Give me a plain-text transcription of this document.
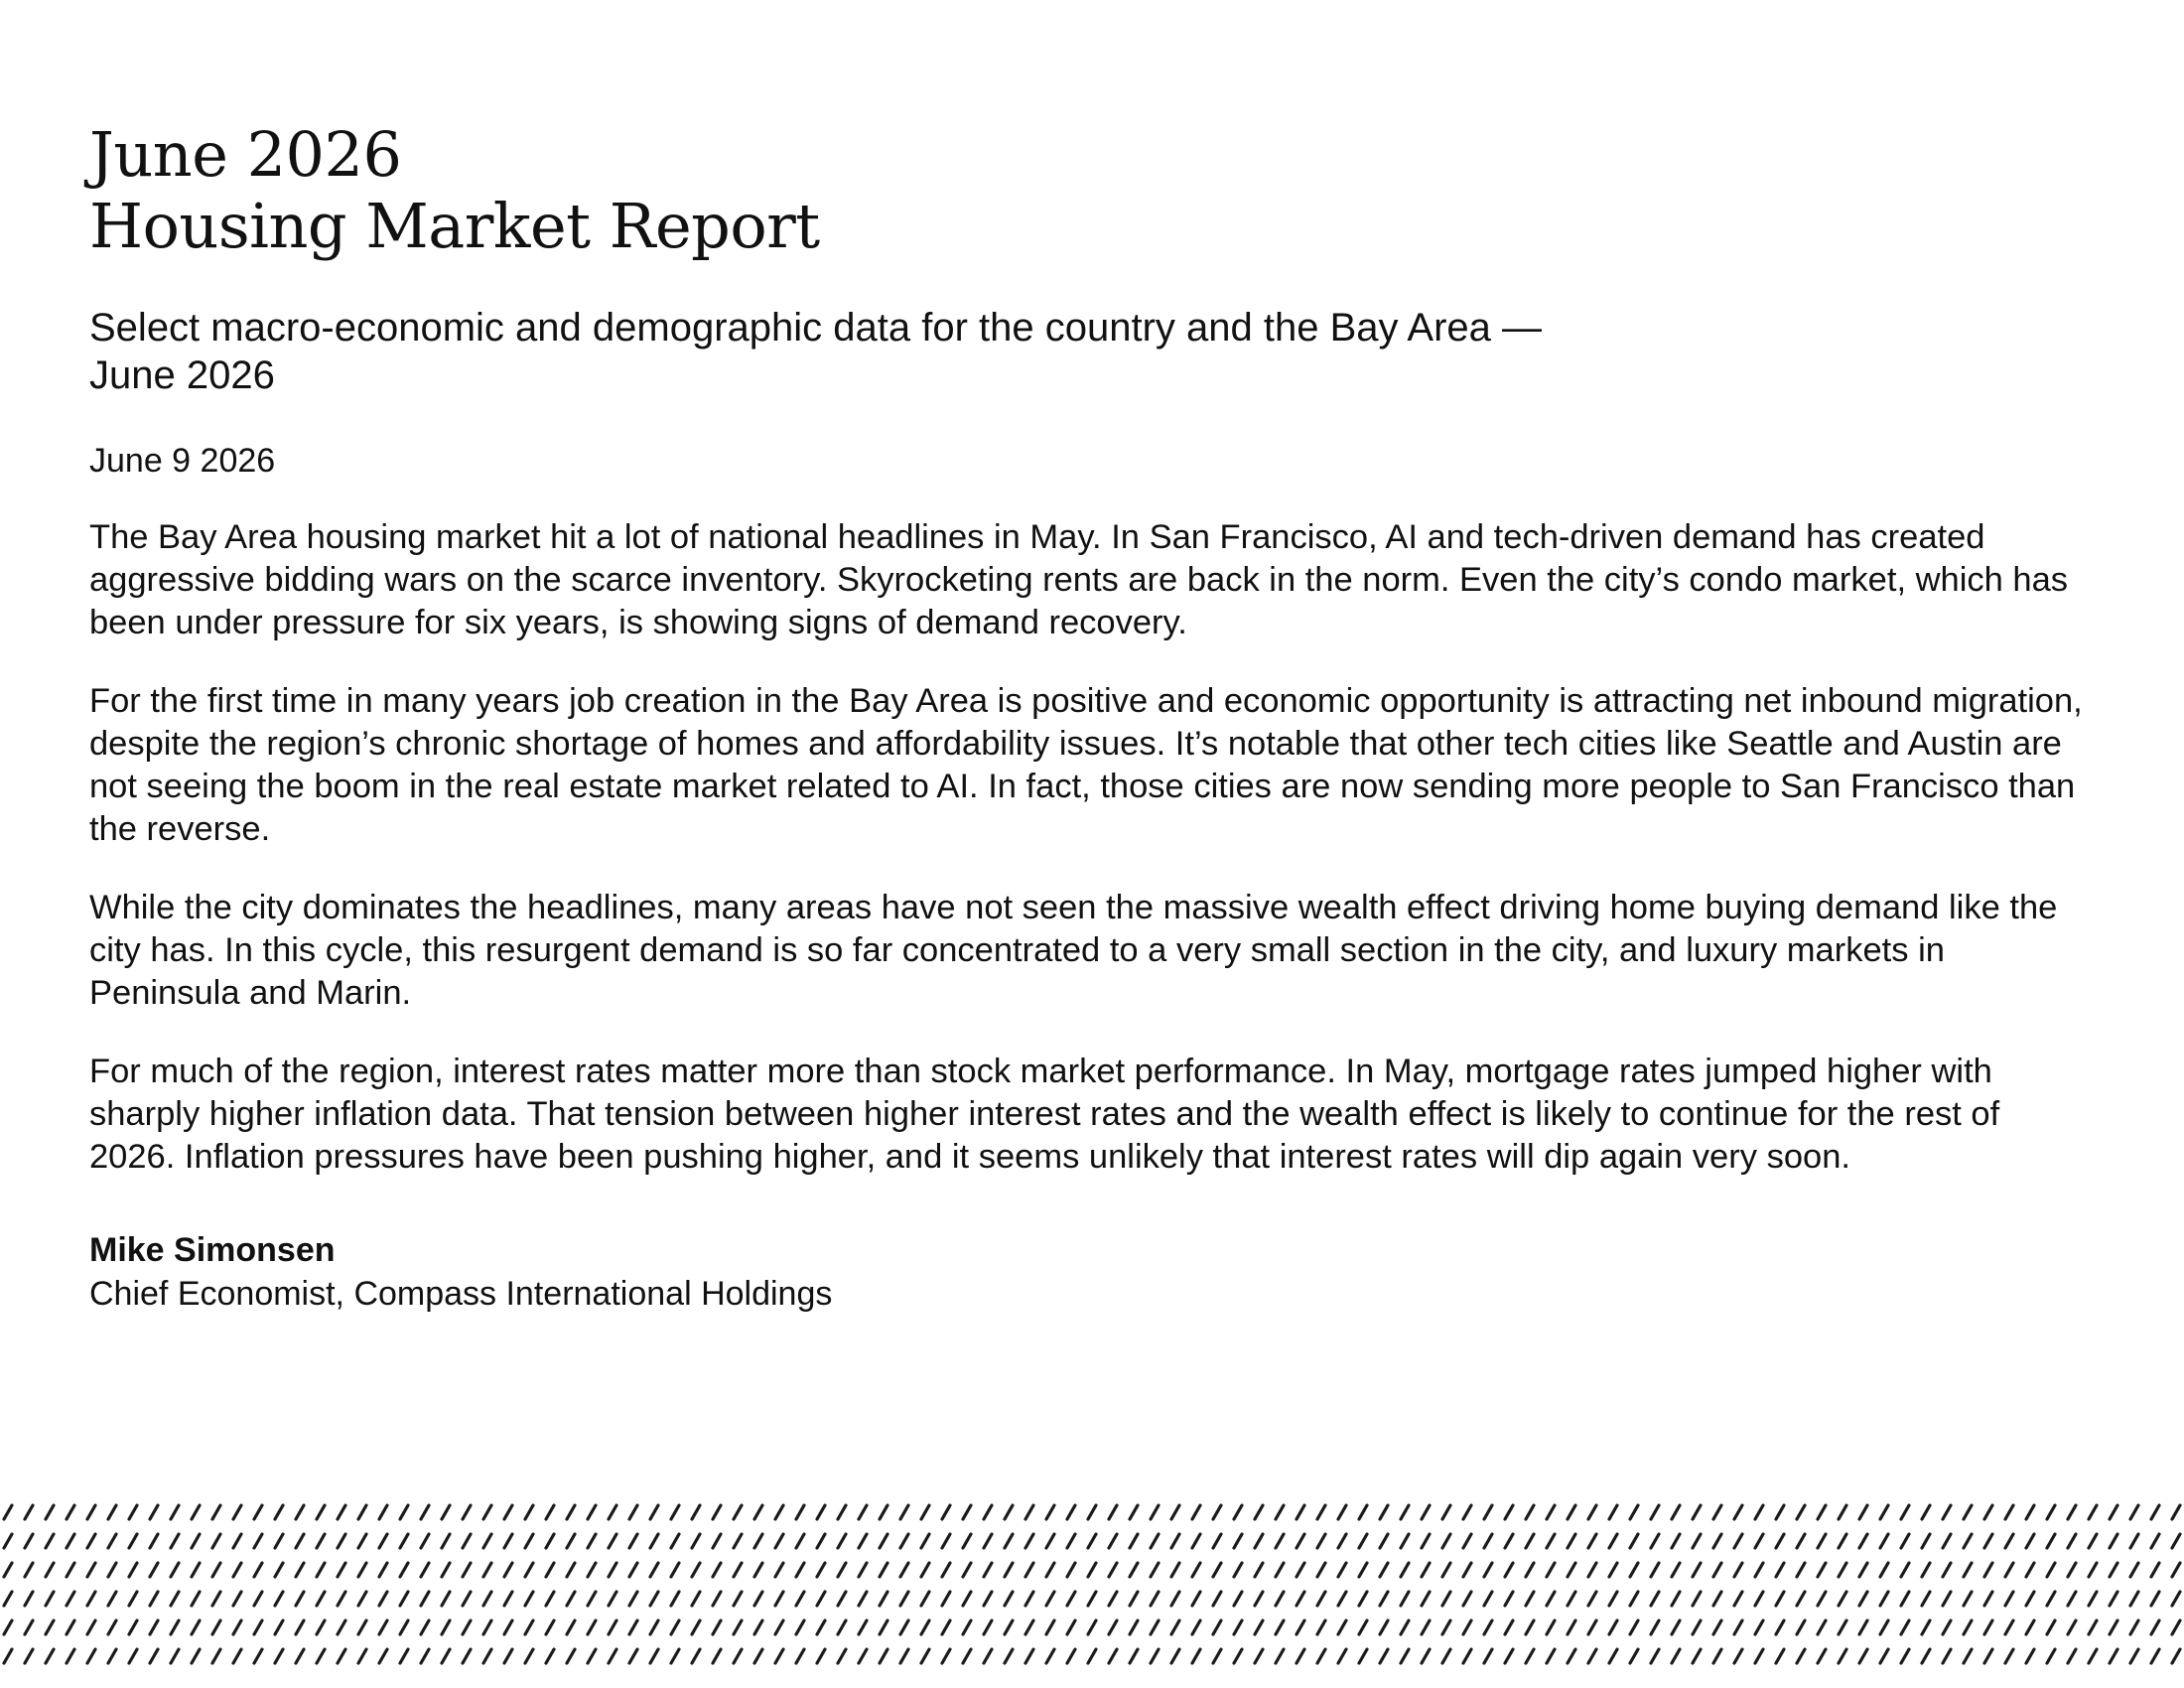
June 2026
Housing Market Report

Select macro-economic and demographic data for the country and the Bay Area — June 2026

June 9 2026

The Bay Area housing market hit a lot of national headlines in May. In San Francisco, AI and tech-driven demand has created aggressive bidding wars on the scarce inventory. Skyrocketing rents are back in the norm. Even the city’s condo market, which has been under pressure for six years, is showing signs of demand recovery.

For the first time in many years job creation in the Bay Area is positive and economic opportunity is attracting net inbound migration, despite the region’s chronic shortage of homes and affordability issues. It’s notable that other tech cities like Seattle and Austin are not seeing the boom in the real estate market related to AI. In fact, those cities are now sending more people to San Francisco than the reverse.

While the city dominates the headlines, many areas have not seen the massive wealth effect driving home buying demand like the city has. In this cycle, this resurgent demand is so far concentrated to a very small section in the city, and luxury markets in Peninsula and Marin.

For much of the region, interest rates matter more than stock market performance. In May, mortgage rates jumped higher with sharply higher inflation data. That tension between higher interest rates and the wealth effect is likely to continue for the rest of 2026. Inflation pressures have been pushing higher, and it seems unlikely that interest rates will dip again very soon.

Mike Simonsen

Chief Economist, Compass International Holdings
